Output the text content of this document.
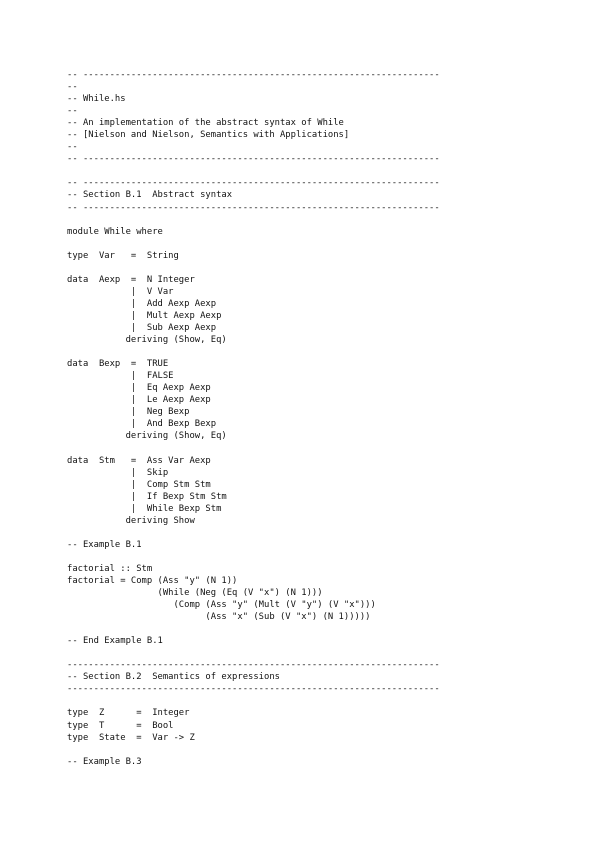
-- -------------------------------------------------------------------
--
-- While.hs
--
-- An implementation of the abstract syntax of While
-- [Nielson and Nielson, Semantics with Applications]
--
-- -------------------------------------------------------------------
-- -------------------------------------------------------------------
-- Section B.1  Abstract syntax
-- -------------------------------------------------------------------
module While where
type  Var   =  String
data  Aexp  =  N Integer
|  V Var
|  Add Aexp Aexp
|  Mult Aexp Aexp
|  Sub Aexp Aexp
deriving (Show, Eq)
data  Bexp  =  TRUE
|  FALSE
|  Eq Aexp Aexp
|  Le Aexp Aexp
|  Neg Bexp
|  And Bexp Bexp
deriving (Show, Eq)
data  Stm   =  Ass Var Aexp
|  Skip
|  Comp Stm Stm
|  If Bexp Stm Stm
|  While Bexp Stm
deriving Show
-- Example B.1
factorial :: Stm
factorial = Comp (Ass "y" (N 1))
(While (Neg (Eq (V "x") (N 1)))
(Comp (Ass "y" (Mult (V "y") (V "x")))
(Ass "x" (Sub (V "x") (N 1)))))
-- End Example B.1
----------------------------------------------------------------------
-- Section B.2  Semantics of expressions
----------------------------------------------------------------------
type  Z      =  Integer
type  T      =  Bool
type  State  =  Var -> Z
-- Example B.3
